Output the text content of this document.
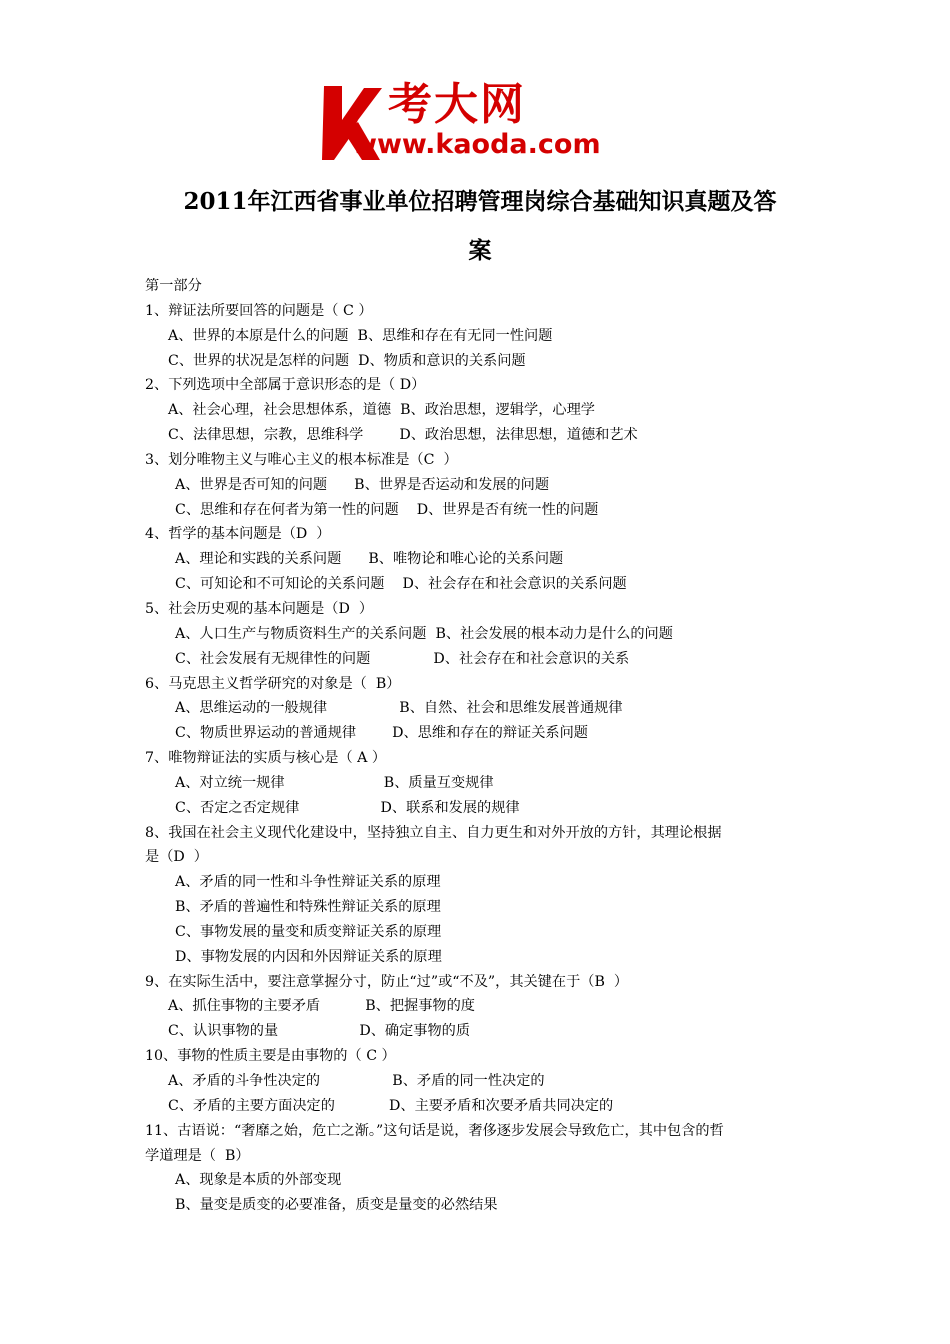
考大网
www.kaoda.com
2011年江西省事业单位招聘管理岗综合基础知识真题及答
案
第一部分
1、辩证法所要回答的问题是（ C ）
A、世界的本原是什么的问题  B、思维和存在有无同一性问题
C、世界的状况是怎样的问题  D、物质和意识的关系问题
2、下列选项中全部属于意识形态的是（ D）
A、社会心理，社会思想体系，道德  B、政治思想，逻辑学，心理学
C、法律思想，宗教，思维科学        D、政治思想，法律思想，道德和艺术
3、划分唯物主义与唯心主义的根本标准是（C  ）
A、世界是否可知的问题      B、世界是否运动和发展的问题
C、思维和存在何者为第一性的问题    D、世界是否有统一性的问题
4、哲学的基本问题是（D  ）
A、理论和实践的关系问题      B、唯物论和唯心论的关系问题
C、可知论和不可知论的关系问题    D、社会存在和社会意识的关系问题
5、社会历史观的基本问题是（D  ）
A、人口生产与物质资料生产的关系问题  B、社会发展的根本动力是什么的问题
C、社会发展有无规律性的问题              D、社会存在和社会意识的关系
6、马克思主义哲学研究的对象是（  B）
A、思维运动的一般规律                B、自然、社会和思维发展普通规律
C、物质世界运动的普通规律        D、思维和存在的辩证关系问题
7、唯物辩证法的实质与核心是（ A ）
A、对立统一规律                      B、质量互变规律
C、否定之否定规律                  D、联系和发展的规律
8、我国在社会主义现代化建设中，坚持独立自主、自力更生和对外开放的方针，其理论根据
是（D  ）
A、矛盾的同一性和斗争性辩证关系的原理
B、矛盾的普遍性和特殊性辩证关系的原理
C、事物发展的量变和质变辩证关系的原理
D、事物发展的内因和外因辩证关系的原理
9、在实际生活中，要注意掌握分寸，防止“过”或“不及”，其关键在于（B  ）
A、抓住事物的主要矛盾          B、把握事物的度
C、认识事物的量                  D、确定事物的质
10、事物的性质主要是由事物的（ C ）
A、矛盾的斗争性决定的                B、矛盾的同一性决定的
C、矛盾的主要方面决定的            D、主要矛盾和次要矛盾共同决定的
11、古语说：“奢靡之始，危亡之渐。”这句话是说，奢侈逐步发展会导致危亡，其中包含的哲
学道理是（  B）
A、现象是本质的外部变现
B、量变是质变的必要准备，质变是量变的必然结果
